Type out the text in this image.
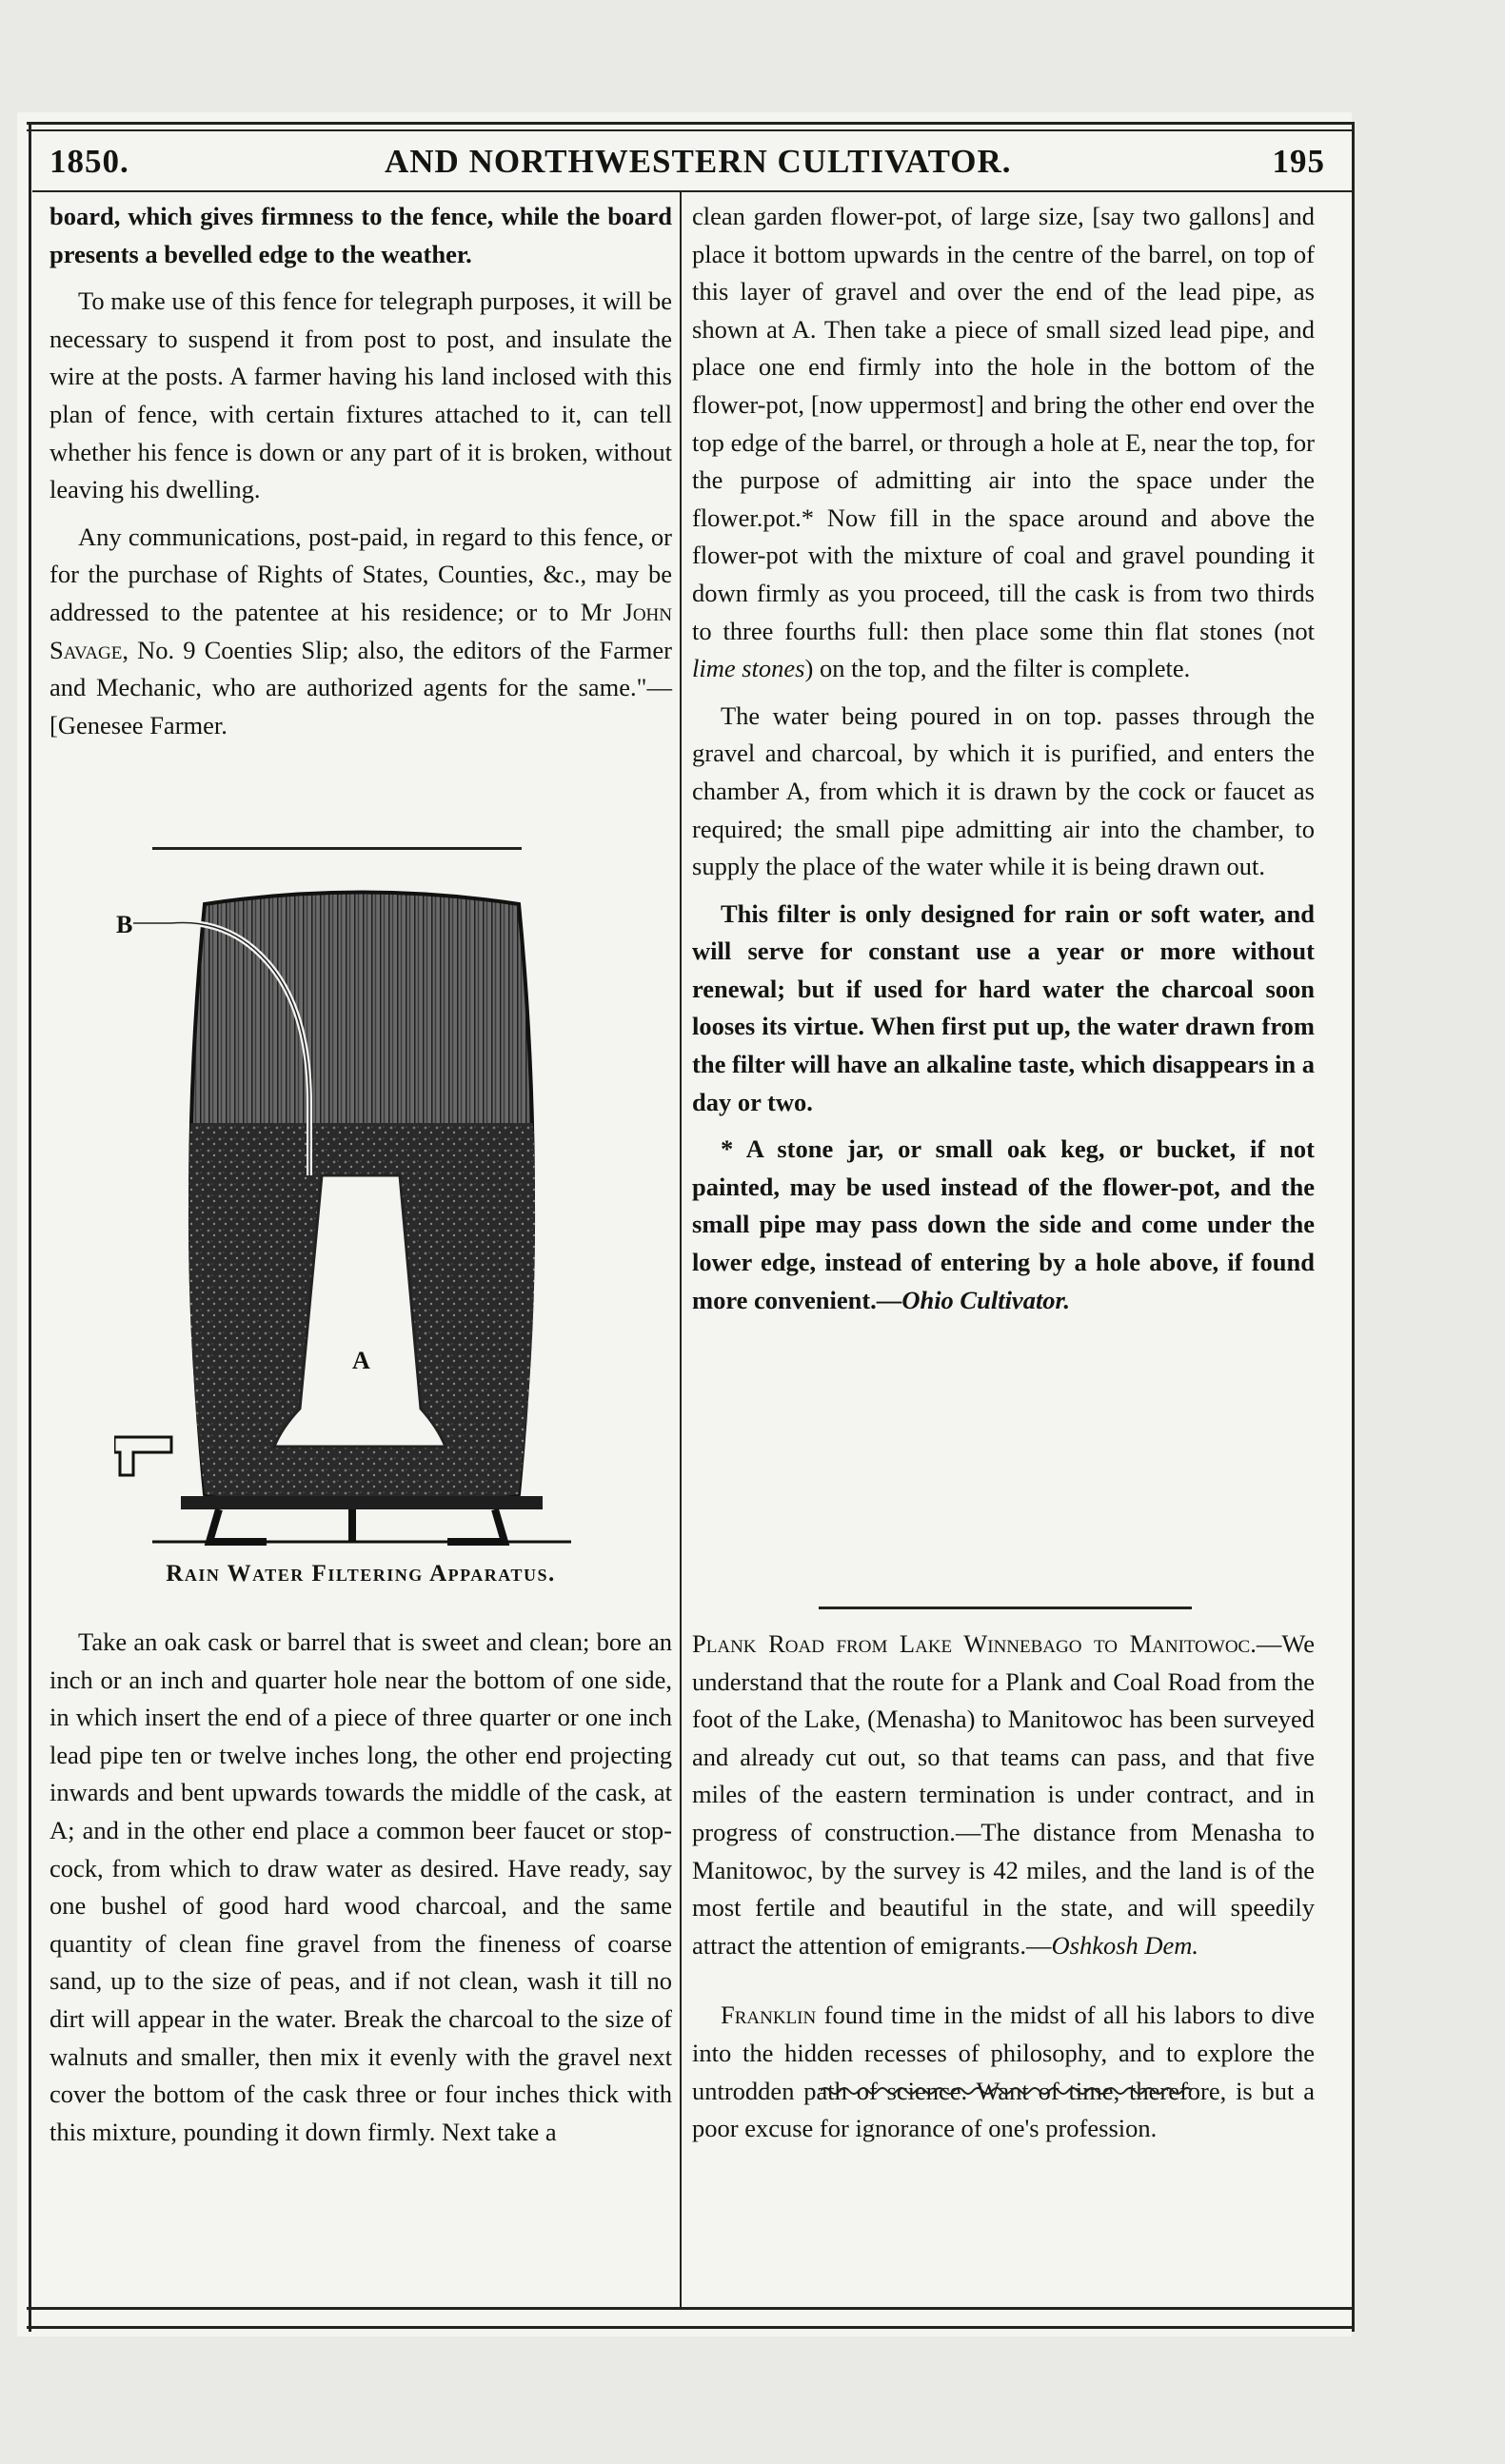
1850.	AND NORTHWESTERN CULTIVATOR.	195

board, which gives firmness to the fence, while the board presents a bevelled edge to the weather.

To make use of this fence for telegraph purposes, it will be necessary to suspend it from post to post, and insulate the wire at the posts. A farmer having his land inclosed with this plan of fence, with certain fixtures attached to it, can tell whether his fence is down or any part of it is broken, without leaving his dwelling.

Any communications, post-paid, in regard to this fence, or for the purchase of Rights of States, Counties, &c., may be addressed to the patentee at his residence; or to Mr John Savage, No. 9 Coenties Slip; also, the editors of the Farmer and Mechanic, who are authorized agents for the same."—[Genesee Farmer.

B
A
Rain Water Filtering Apparatus.

Take an oak cask or barrel that is sweet and clean; bore an inch or an inch and quarter hole near the bottom of one side, in which insert the end of a piece of three quarter or one inch lead pipe ten or twelve inches long, the other end projecting inwards and bent upwards towards the middle of the cask, at A; and in the other end place a common beer faucet or stop-cock, from which to draw water as desired. Have ready, say one bushel of good hard wood charcoal, and the same quantity of clean fine gravel from the fineness of coarse sand, up to the size of peas, and if not clean, wash it till no dirt will appear in the water. Break the charcoal to the size of walnuts and smaller, then mix it evenly with the gravel next cover the bottom of the cask three or four inches thick with this mixture, pounding it down firmly. Next take a

clean garden flower-pot, of large size, [say two gallons] and place it bottom upwards in the centre of the barrel, on top of this layer of gravel and over the end of the lead pipe, as shown at A. Then take a piece of small sized lead pipe, and place one end firmly into the hole in the bottom of the flower-pot, [now uppermost] and bring the other end over the top edge of the barrel, or through a hole at E, near the top, for the purpose of admitting air into the space under the flower.pot.* Now fill in the space around and above the flower-pot with the mixture of coal and gravel pounding it down firmly as you proceed, till the cask is from two thirds to three fourths full: then place some thin flat stones (not lime stones) on the top, and the filter is complete.

The water being poured in on top. passes through the gravel and charcoal, by which it is purified, and enters the chamber A, from which it is drawn by the cock or faucet as required; the small pipe admitting air into the chamber, to supply the place of the water while it is being drawn out.

This filter is only designed for rain or soft water, and will serve for constant use a year or more without renewal; but if used for hard water the charcoal soon looses its virtue. When first put up, the water drawn from the filter will have an alkaline taste, which disappears in a day or two.

* A stone jar, or small oak keg, or bucket, if not painted, may be used instead of the flower-pot, and the small pipe may pass down the side and come under the lower edge, instead of entering by a hole above, if found more convenient.—Ohio Cultivator.

Plank Road from Lake Winnebago to Manitowoc.—We understand that the route for a Plank and Coal Road from the foot of the Lake, (Menasha) to Manitowoc has been surveyed and already cut out, so that teams can pass, and that five miles of the eastern termination is under contract, and in progress of construction.—The distance from Menasha to Manitowoc, by the survey is 42 miles, and the land is of the most fertile and beautiful in the state, and will speedily attract the attention of emigrants.—Oshkosh Dem.

Franklin found time in the midst of all his labors to dive into the hidden recesses of philosophy, and to explore the untrodden path of science. Want of time, therefore, is but a poor excuse for ignorance of one's profession.
